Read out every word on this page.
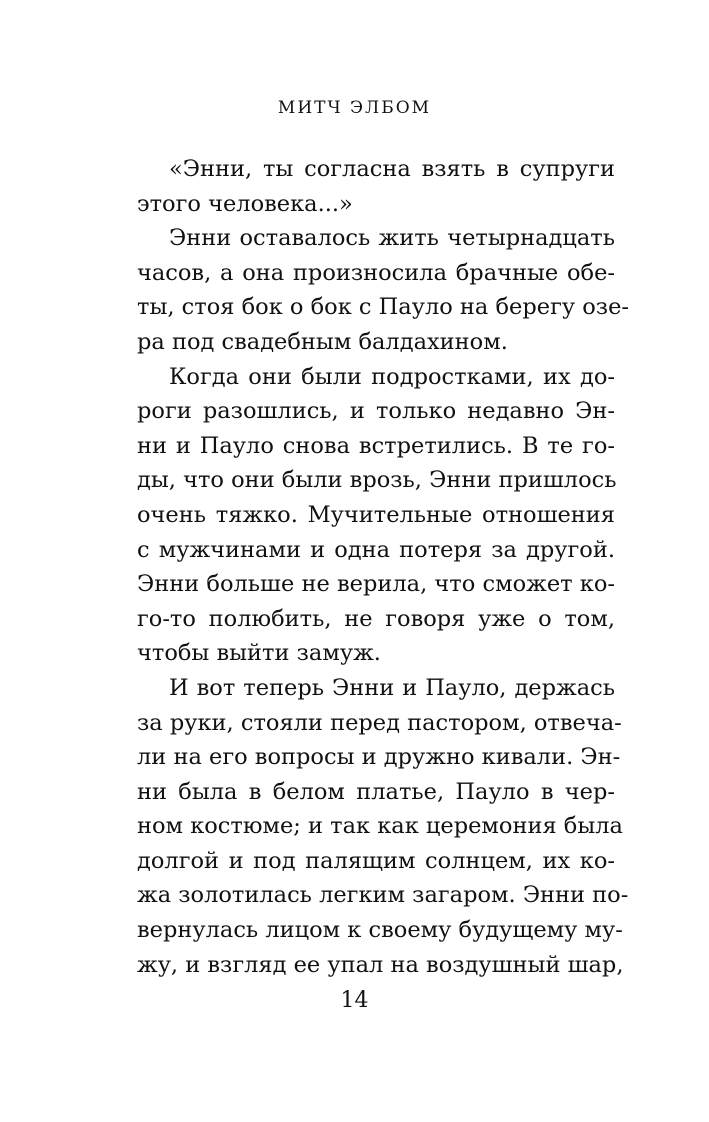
МИТЧ ЭЛБОМ
«Энни, ты согласна взять в супруги
этого человека...»
Энни оставалось жить четырнадцать
часов, а она произносила брачные обе-
ты, стоя бок о бок с Пауло на берегу озе-
ра под свадебным балдахином.
Когда они были подростками, их до-
роги разошлись, и только недавно Эн-
ни и Пауло снова встретились. В те го-
ды, что они были врозь, Энни пришлось
очень тяжко. Мучительные отношения
с мужчинами и одна потеря за другой.
Энни больше не верила, что сможет ко-
го-то полюбить, не говоря уже о том,
чтобы выйти замуж.
И вот теперь Энни и Пауло, держась
за руки, стояли перед пастором, отвеча-
ли на его вопросы и дружно кивали. Эн-
ни была в белом платье, Пауло в чер-
ном костюме; и так как церемония была
долгой и под палящим солнцем, их ко-
жа золотилась легким загаром. Энни по-
вернулась лицом к своему будущему му-
жу, и взгляд ее упал на воздушный шар,
14
